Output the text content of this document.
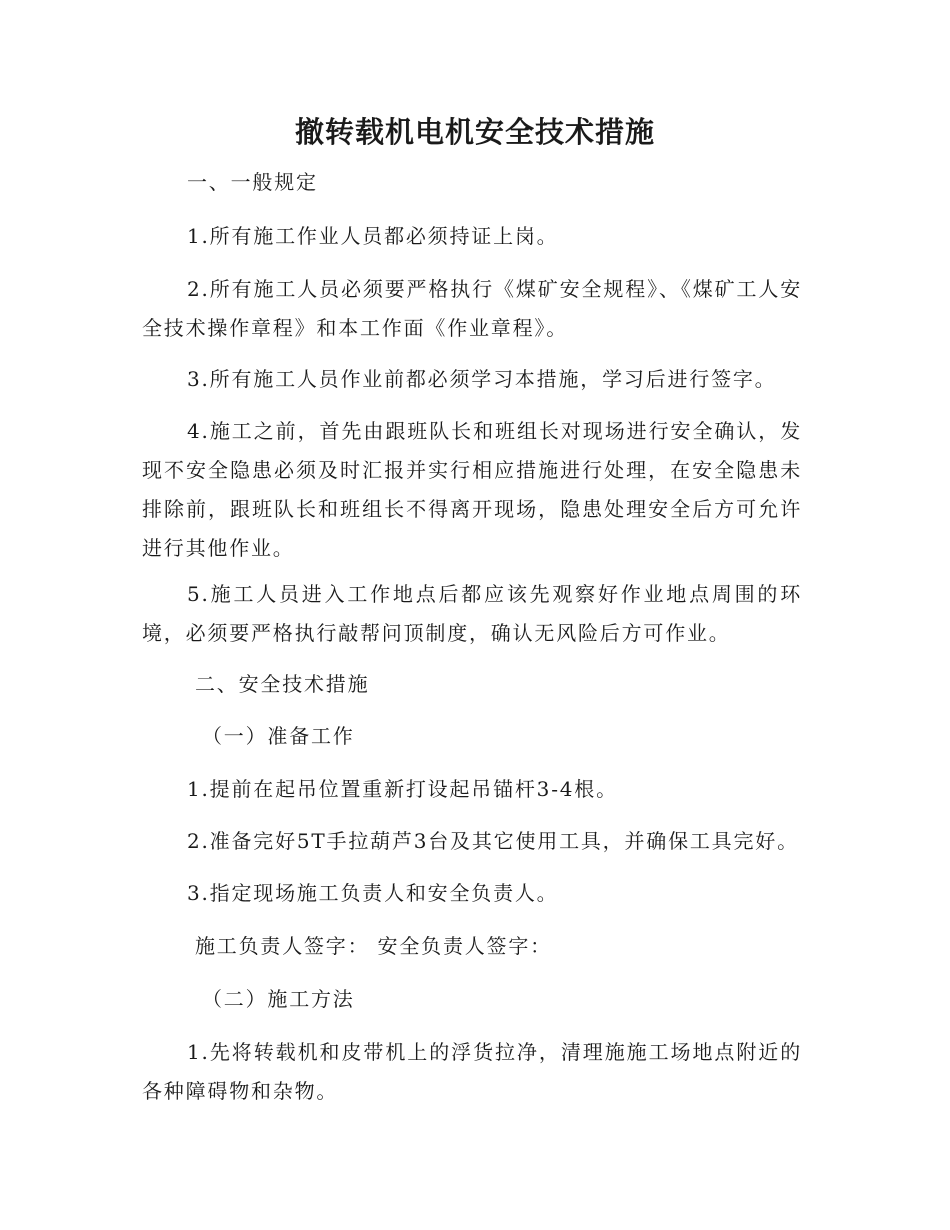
撤转载机电机安全技术措施

一、一般规定

1.所有施工作业人员都必须持证上岗。

2.所有施工人员必须要严格执行《煤矿安全规程》、《煤矿工人安全技术操作章程》和本工作面《作业章程》。

3.所有施工人员作业前都必须学习本措施，学习后进行签字。

4.施工之前，首先由跟班队长和班组长对现场进行安全确认，发现不安全隐患必须及时汇报并实行相应措施进行处理，在安全隐患未排除前，跟班队长和班组长不得离开现场，隐患处理安全后方可允许进行其他作业。

5.施工人员进入工作地点后都应该先观察好作业地点周围的环境，必须要严格执行敲帮问顶制度，确认无风险后方可作业。

二、安全技术措施

（一）准备工作

1.提前在起吊位置重新打设起吊锚杆3-4根。

2.准备完好5T手拉葫芦3台及其它使用工具，并确保工具完好。

3.指定现场施工负责人和安全负责人。

施工负责人签字： 安全负责人签字：

（二）施工方法

1.先将转载机和皮带机上的浮货拉净，清理施施工场地点附近的各种障碍物和杂物。
